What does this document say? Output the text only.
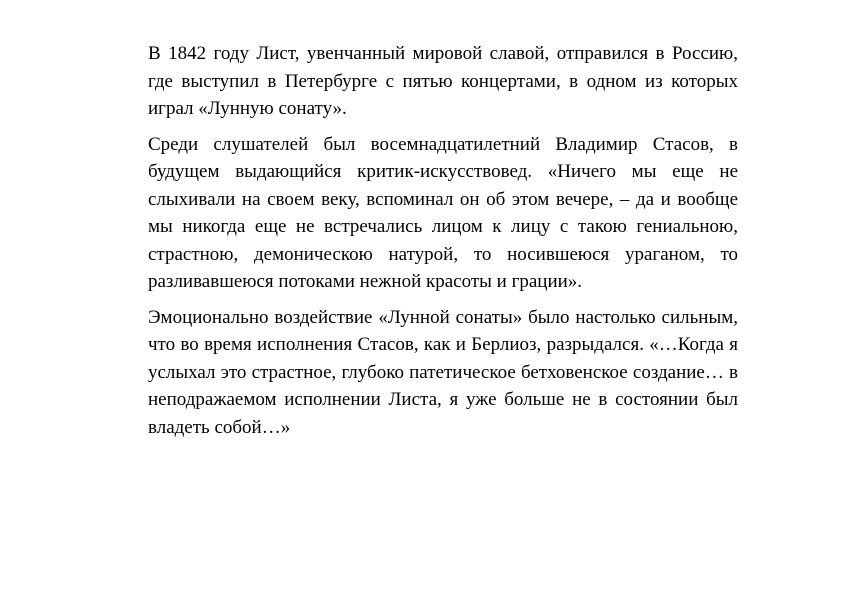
В 1842 году Лист, увенчанный мировой славой, отправился в Россию, где выступил в Петербурге с пятью концертами, в одном из которых играл «Лунную сонату».

Среди слушателей был восемнадцатилетний Владимир Стасов, в будущем выдающийся критик-искусствовед. «Ничего мы еще не слыхивали на своем веку, вспоминал он об этом вечере, – да и вообще мы никогда еще не встречались лицом к лицу с такою гениальною, страстною, демоническою натурой, то носившеюся ураганом, то разливавшеюся потоками нежной красоты и грации».

Эмоционально воздействие «Лунной сонаты» было настолько сильным, что во время исполнения Стасов, как и Берлиоз, разрыдался. «…Когда я услыхал это страстное, глубоко патетическое бетховенское создание… в неподражаемом исполнении Листа, я уже больше не в состоянии был владеть собой…»
